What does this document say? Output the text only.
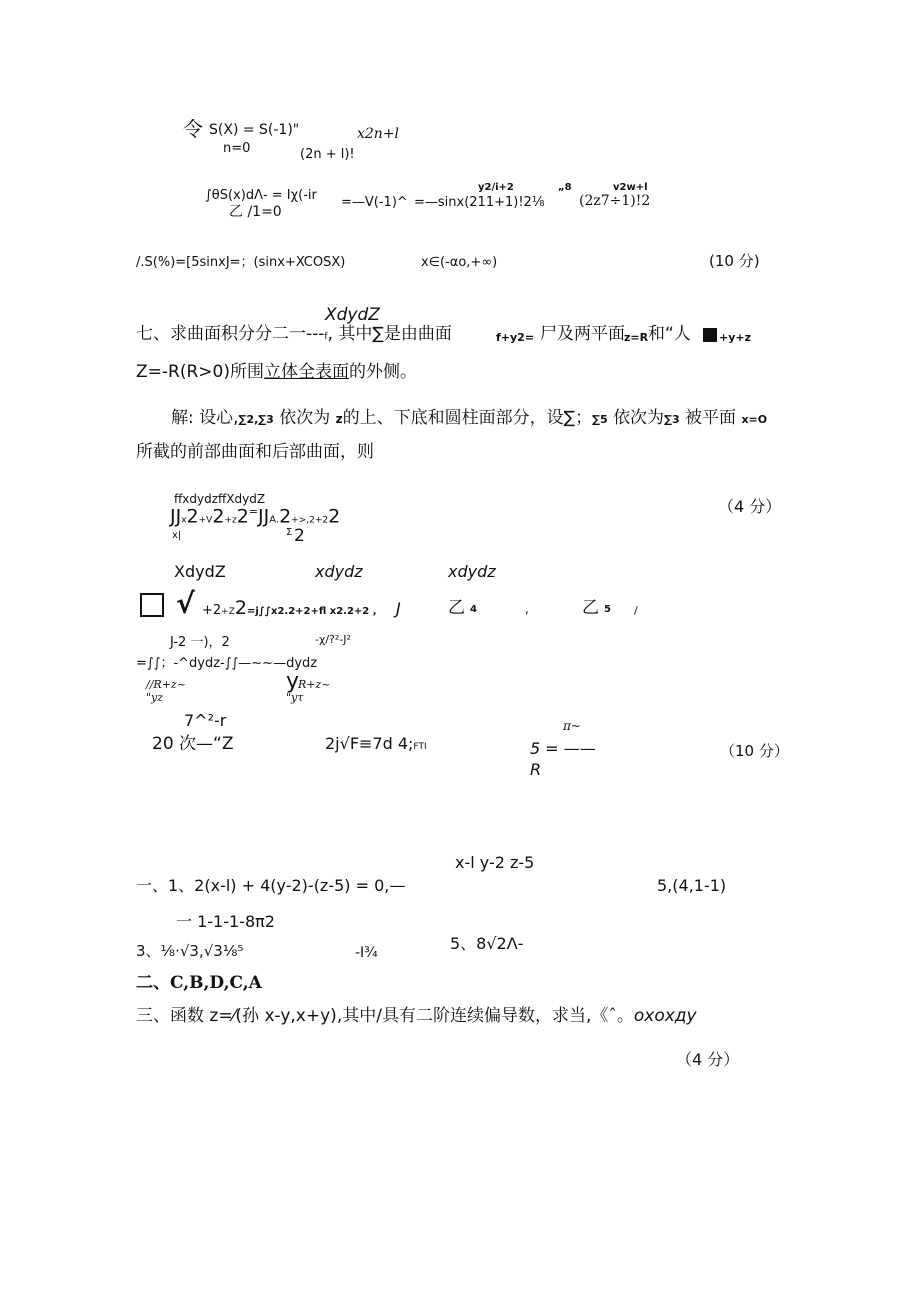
令 S(X) = S(-1)"	x2n+l
n=0	(2n + l)!
∫θS(x)dΛ- = Iχ(-ir
y2/i+2	„8	v2w+l
=—V(-1)^ =—sinx(211+1)!2⅛ (2z7÷1)!2
乙 /1=0
/.S(%)=[5sinxJ=；(sinx+XCOSX)	x∈(-αo,+∞)	(10 分)
XdydZ
七、求曲面积分分二一---f, 其中∑是由曲面	f+y2= 尸及两平面 z=R 和“人	+y+z
Z=-R(R>0)所围立体全表面的外侧。
解: 设心,∑2,∑3 依次为 z的上、下底和圆柱面部分，设∑；∑5 依次为∑3 被平面 x=O
所截的前部曲面和后部曲面，则
ffxdydzffXdydZ
JJx2+V2+z2=JJA.2+>,2+22
x|	Σ 2
（4 分）
XdydZ	xdydz	xdydz
√ +2+Z2=j∫∫x2.2+2+fl x2.2+2 , J	乙 4	,	乙 5 /
J-2 一)，2	-χ/?²-J²
=∫∫；-^dydz-∫∫—~~—dydz
//R+z~	y
R+z~
"yz	"yτ
7^²-r	π~
20 次—“Z	2j√F≡7d 4;FTI	5 = ——
R
（10 分）
x-l y-2 z-5
一、1、2(x-l) + 4(y-2)-(z-5) = 0,—	5,(4,1-1)
一 1-1-1-8π2
3、⅛·√3,√3⅛⁵	-I¾	5、8√2Λ-
二、C,B,D,C,A
三、函数 z=⁄(孙 x-y,x+y),其中/具有二阶连续偏导数，求当,《ˆ。oxoxдy
（4 分）
